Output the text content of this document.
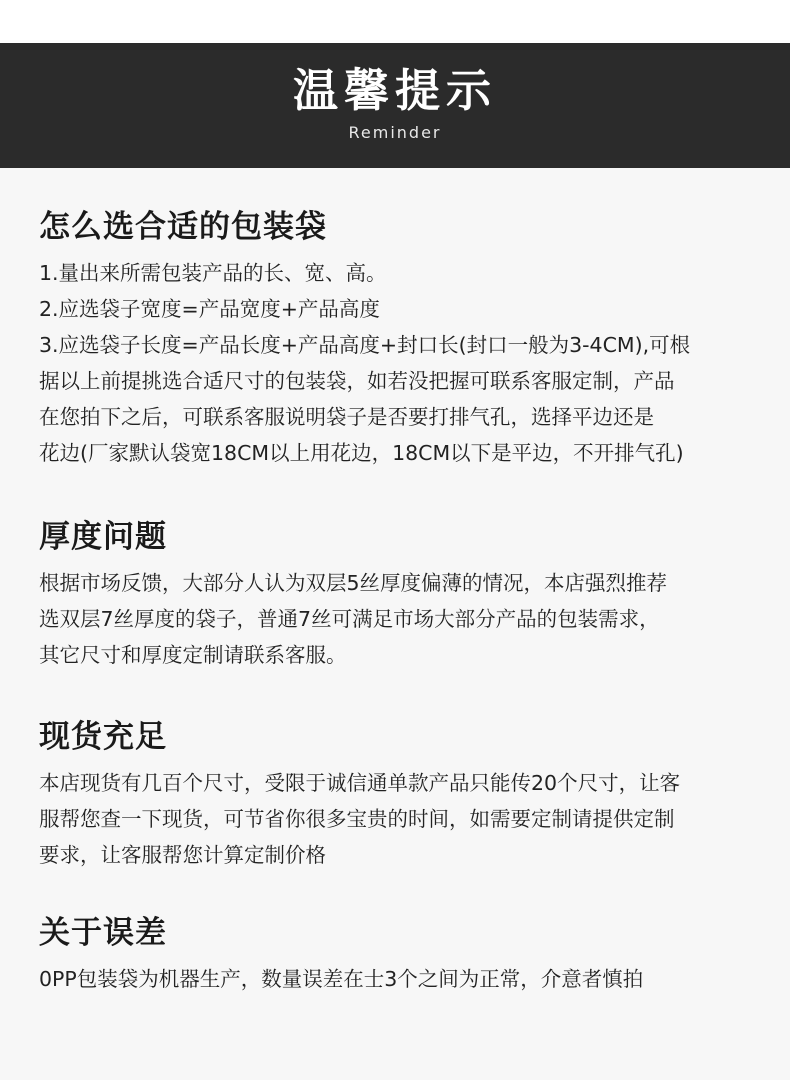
温馨提示
Reminder
怎么选合适的包装袋
1.量出来所需包装产品的长、宽、高。
2.应选袋子宽度=产品宽度+产品高度
3.应选袋子长度=产品长度+产品高度+封口长(封口一般为3-4CM),可根
据以上前提挑选合适尺寸的包装袋，如若没把握可联系客服定制，产品
在您拍下之后，可联系客服说明袋子是否要打排气孔，选择平边还是
花边(厂家默认袋宽18CM以上用花边，18CM以下是平边，不开排气孔)
厚度问题
根据市场反馈，大部分人认为双层5丝厚度偏薄的情况，本店强烈推荐
选双层7丝厚度的袋子，普通7丝可满足市场大部分产品的包装需求，
其它尺寸和厚度定制请联系客服。
现货充足
本店现货有几百个尺寸，受限于诚信通单款产品只能传20个尺寸，让客
服帮您查一下现货，可节省你很多宝贵的时间，如需要定制请提供定制
要求，让客服帮您计算定制价格
关于误差
0PP包装袋为机器生产，数量误差在士3个之间为正常，介意者慎拍
